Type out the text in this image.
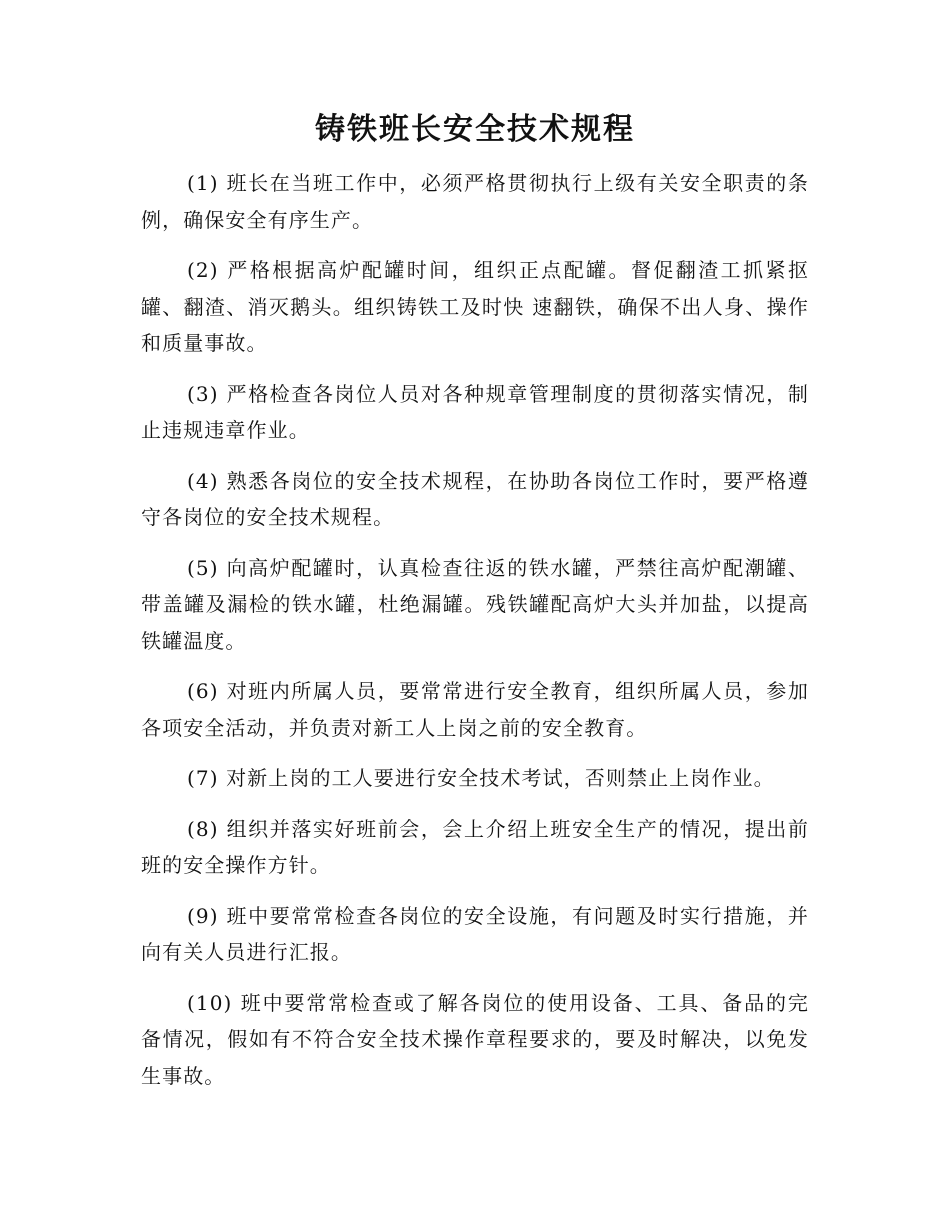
铸铁班长安全技术规程

(1) 班长在当班工作中，必须严格贯彻执行上级有关安全职责的条例，确保安全有序生产。

(2) 严格根据高炉配罐时间，组织正点配罐。督促翻渣工抓紧抠罐、翻渣、消灭鹅头。组织铸铁工及时快 速翻铁，确保不出人身、操作和质量事故。

(3) 严格检查各岗位人员对各种规章管理制度的贯彻落实情况，制止违规违章作业。

(4) 熟悉各岗位的安全技术规程，在协助各岗位工作时，要严格遵守各岗位的安全技术规程。

(5) 向高炉配罐时，认真检查往返的铁水罐，严禁往高炉配潮罐、带盖罐及漏检的铁水罐，杜绝漏罐。残铁罐配高炉大头并加盐，以提高铁罐温度。

(6) 对班内所属人员，要常常进行安全教育，组织所属人员，参加各项安全活动，并负责对新工人上岗之前的安全教育。

(7) 对新上岗的工人要进行安全技术考试，否则禁止上岗作业。

(8) 组织并落实好班前会，会上介绍上班安全生产的情况，提出前班的安全操作方针。

(9) 班中要常常检查各岗位的安全设施，有问题及时实行措施，并向有关人员进行汇报。

(10) 班中要常常检查或了解各岗位的使用设备、工具、备品的完备情况，假如有不符合安全技术操作章程要求的，要及时解决，以免发生事故。
